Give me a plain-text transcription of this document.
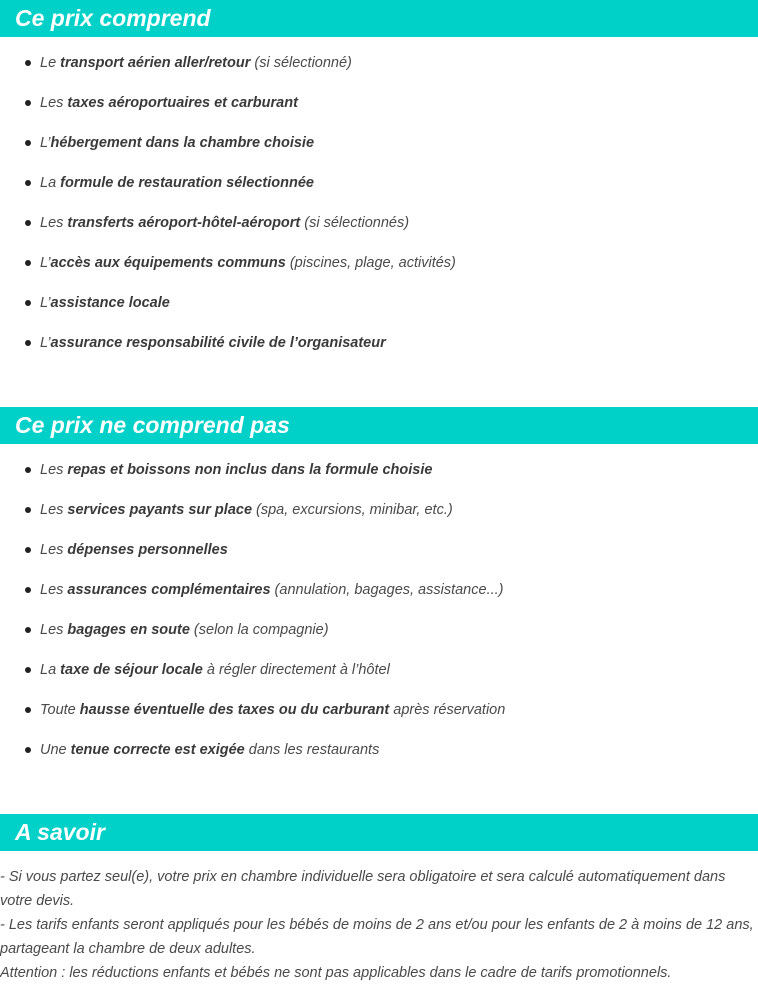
Ce prix comprend
Le transport aérien aller/retour (si sélectionné)
Les taxes aéroportuaires et carburant
L’hébergement dans la chambre choisie
La formule de restauration sélectionnée
Les transferts aéroport-hôtel-aéroport (si sélectionnés)
L’accès aux équipements communs (piscines, plage, activités)
L’assistance locale
L’assurance responsabilité civile de l’organisateur
Ce prix ne comprend pas
Les repas et boissons non inclus dans la formule choisie
Les services payants sur place (spa, excursions, minibar, etc.)
Les dépenses personnelles
Les assurances complémentaires (annulation, bagages, assistance...)
Les bagages en soute (selon la compagnie)
La taxe de séjour locale à régler directement à l’hôtel
Toute hausse éventuelle des taxes ou du carburant après réservation
Une tenue correcte est exigée dans les restaurants
A savoir
- Si vous partez seul(e), votre prix en chambre individuelle sera obligatoire et sera calculé automatiquement dans votre devis.
- Les tarifs enfants seront appliqués pour les bébés de moins de 2 ans et/ou pour les enfants de 2 à moins de 12 ans, partageant la chambre de deux adultes.
Attention : les réductions enfants et bébés ne sont pas applicables dans le cadre de tarifs promotionnels.
